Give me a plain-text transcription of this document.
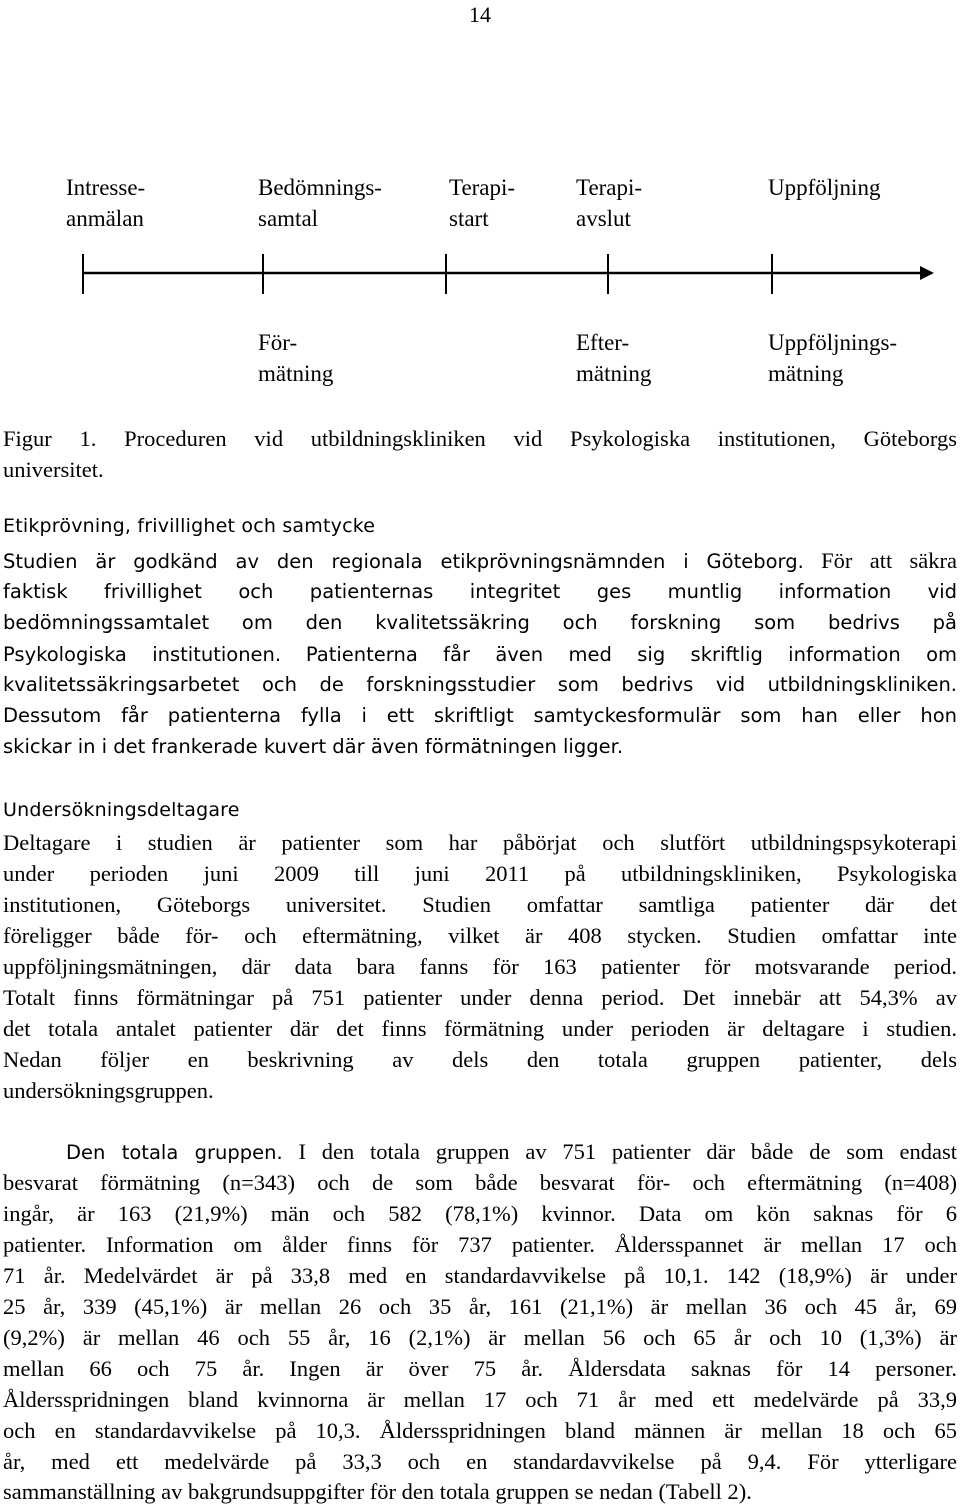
14
Intresse-
anmälan
Bedömnings-
samtal
Terapi-
start
Terapi-
avslut
Uppföljning
För-
mätning
Efter-
mätning
Uppföljnings-
mätning
Figur 1. Proceduren vid utbildningskliniken vid Psykologiska institutionen, Göteborgs
universitet.
Etikprövning, frivillighet och samtycke
Studien är godkänd av den regionala etikprövningsnämnden i Göteborg. För att säkra
faktisk frivillighet och patienternas integritet ges muntlig information vid
bedömningssamtalet om den kvalitetssäkring och forskning som bedrivs på
Psykologiska institutionen. Patienterna får även med sig skriftlig information om
kvalitetssäkringsarbetet och de forskningsstudier som bedrivs vid utbildningskliniken.
Dessutom får patienterna fylla i ett skriftligt samtyckesformulär som han eller hon
skickar in i det frankerade kuvert där även förmätningen ligger.
Undersökningsdeltagare
Deltagare i studien är patienter som har påbörjat och slutfört utbildningspsykoterapi
under perioden juni 2009 till juni 2011 på utbildningskliniken, Psykologiska
institutionen, Göteborgs universitet. Studien omfattar samtliga patienter där det
föreligger både för- och eftermätning, vilket är 408 stycken. Studien omfattar inte
uppföljningsmätningen, där data bara fanns för 163 patienter för motsvarande period.
Totalt finns förmätningar på 751 patienter under denna period. Det innebär att 54,3% av
det totala antalet patienter där det finns förmätning under perioden är deltagare i studien.
Nedan följer en beskrivning av dels den totala gruppen patienter, dels
undersökningsgruppen.
Den totala gruppen. I den totala gruppen av 751 patienter där både de som endast
besvarat förmätning (n=343) och de som både besvarat för- och eftermätning (n=408)
ingår, är 163 (21,9%) män och 582 (78,1%) kvinnor. Data om kön saknas för 6
patienter. Information om ålder finns för 737 patienter. Åldersspannet är mellan 17 och
71 år. Medelvärdet är på 33,8 med en standardavvikelse på 10,1. 142 (18,9%) är under
25 år, 339 (45,1%) är mellan 26 och 35 år, 161 (21,1%) är mellan 36 och 45 år, 69
(9,2%) är mellan 46 och 55 år, 16 (2,1%) är mellan 56 och 65 år och 10 (1,3%) är
mellan 66 och 75 år. Ingen är över 75 år. Åldersdata saknas för 14 personer.
Åldersspridningen bland kvinnorna är mellan 17 och 71 år med ett medelvärde på 33,9
och en standardavvikelse på 10,3. Åldersspridningen bland männen är mellan 18 och 65
år, med ett medelvärde på 33,3 och en standardavvikelse på 9,4. För ytterligare
sammanställning av bakgrundsuppgifter för den totala gruppen se nedan (Tabell 2).
